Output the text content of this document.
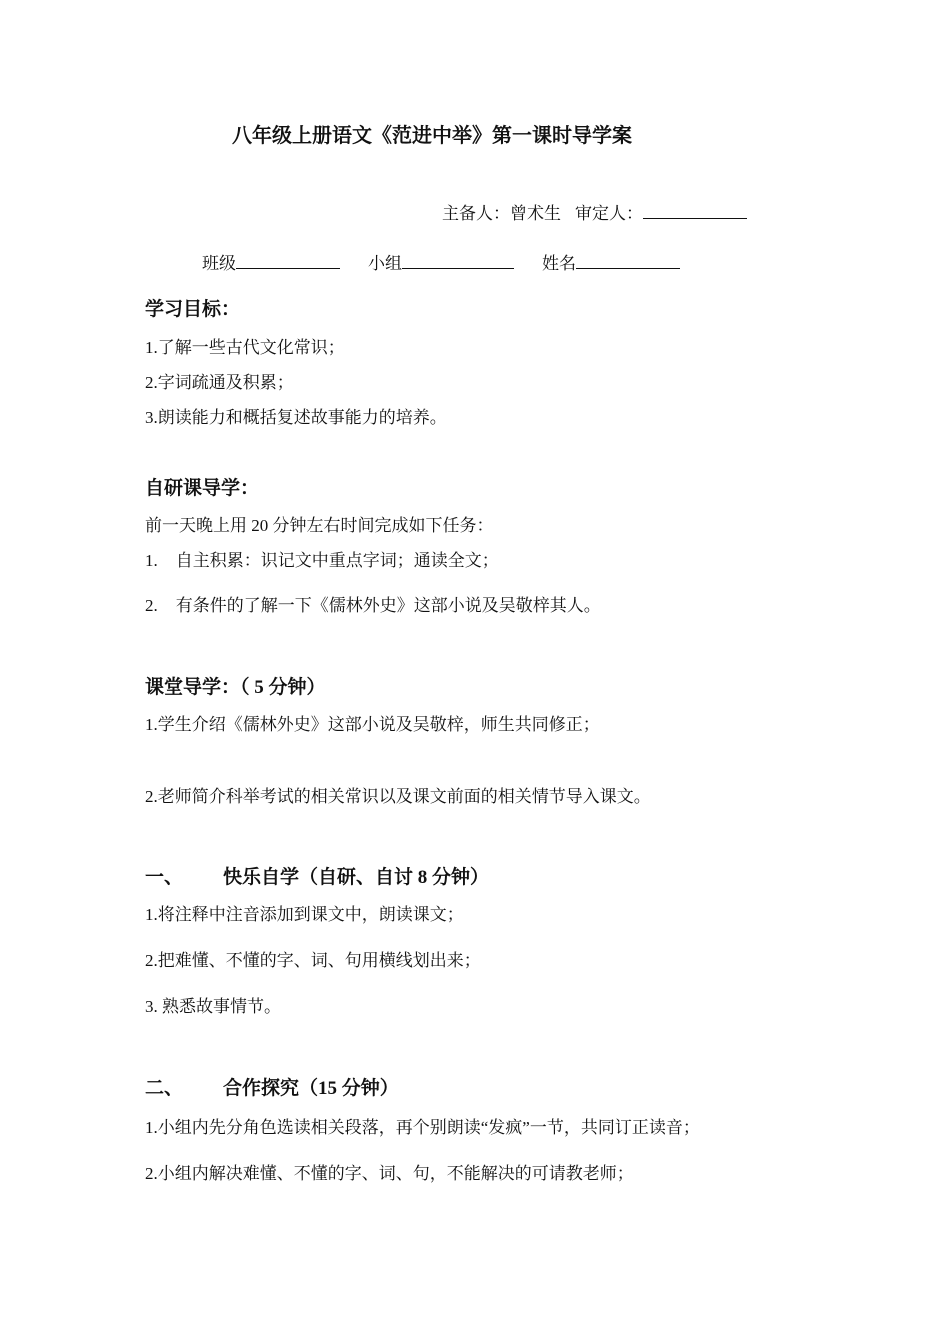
八年级上册语文《范进中举》第一课时导学案
主备人：曾术生 审定人：
班级	小组	姓名
学习目标：
1.了解一些古代文化常识；
2.字词疏通及积累；
3.朗读能力和概括复述故事能力的培养。
自研课导学：
前一天晚上用 20 分钟左右时间完成如下任务：
1. 自主积累：识记文中重点字词；通读全文；
2. 有条件的了解一下《儒林外史》这部小说及吴敬梓其人。
课堂导学：（ 5 分钟）
1.学生介绍《儒林外史》这部小说及吴敬梓，师生共同修正；
2.老师简介科举考试的相关常识以及课文前面的相关情节导入课文。
一、 快乐自学（自研、自讨 8 分钟）
1.将注释中注音添加到课文中，朗读课文；
2.把难懂、不懂的字、词、句用横线划出来；
3. 熟悉故事情节。
二、 合作探究（15 分钟）
1.小组内先分角色选读相关段落，再个别朗读“发疯”一节，共同订正读音；
2.小组内解决难懂、不懂的字、词、句，不能解决的可请教老师；
